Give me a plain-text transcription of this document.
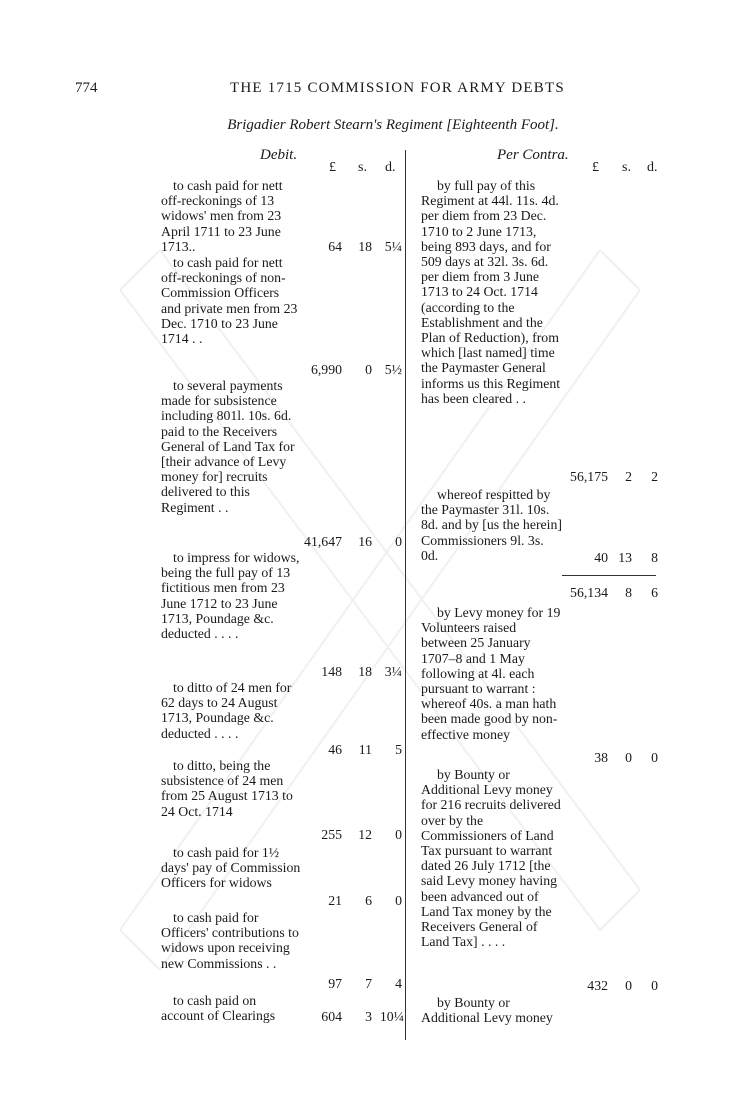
774	THE 1715 COMMISSION FOR ARMY DEBTS
Brigadier Robert Stearn's Regiment [Eighteenth Foot].
Debit.
£ s. d.
Per Contra.
£ s. d.
to cash paid for nett off-reckonings of 13 widows' men from 23 April 1711 to 23 June 1713..	64	18 5¼
to cash paid for nett off-reckonings of non-Commission Officers and private men from 23 Dec. 1710 to 23 June 1714 . .
6,990	0 5½
to several payments made for subsistence including 801l. 10s. 6d. paid to the Receivers General of Land Tax for [their advance of Levy money for] recruits delivered to this Regiment . .
41,647	16	0
to impress for widows, being the full pay of 13 fictitious men from 23 June 1712 to 23 June 1713, Poundage &c. deducted . . . .
148	18 3¼
to ditto of 24 men for 62 days to 24 August 1713, Poundage &c. deducted . . . .
46	11	5
to ditto, being the subsistence of 24 men from 25 August 1713 to 24 Oct. 1714
255	12	0
to cash paid for 1½ days' pay of Commission Officers for widows
21	6	0
to cash paid for Officers' contributions to widows upon receiving new Commissions . .
97	7	4
to cash paid on account of Clearings	604	3 10¼
by full pay of this Regiment at 44l. 11s. 4d. per diem from 23 Dec. 1710 to 2 June 1713, being 893 days, and for 509 days at 32l. 3s. 6d. per diem from 3 June 1713 to 24 Oct. 1714 (according to the Establishment and the Plan of Reduction), from which [last named] time the Paymaster General informs us this Regiment has been cleared . .
56,175	2	2
whereof respitted by the Paymaster 31l. 10s. 8d. and by [us the herein] Commissioners 9l. 3s. 0d.	40 13	8
56,134	8	6
by Levy money for 19 Volunteers raised between 25 January 1707–8 and 1 May following at 4l. each pursuant to warrant : whereof 40s. a man hath been made good by non-effective money
38	0	0
by Bounty or Additional Levy money for 216 recruits delivered over by the Commissioners of Land Tax pursuant to warrant dated 26 July 1712 [the said Levy money having been advanced out of Land Tax money by the Receivers General of Land Tax] . . . .
432	0	0
by Bounty or Additional Levy money
